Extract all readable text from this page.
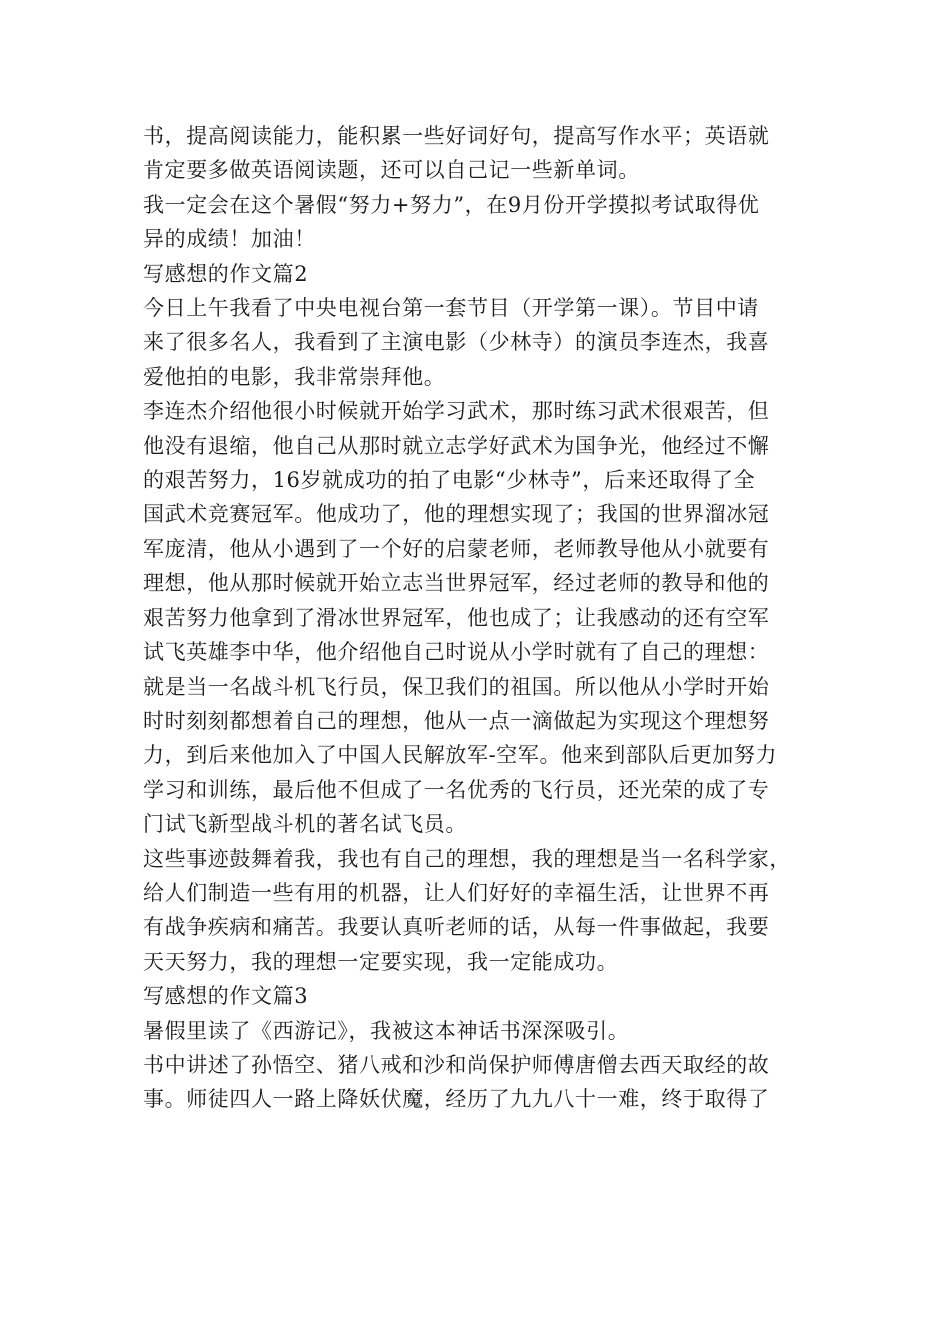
书，提高阅读能力，能积累一些好词好句，提高写作水平；英语就
肯定要多做英语阅读题，还可以自己记一些新单词。
我一定会在这个暑假“努力+努力”，在9月份开学摸拟考试取得优
异的成绩！加油！
写感想的作文篇2
今日上午我看了中央电视台第一套节目（开学第一课）。节目中请
来了很多名人，我看到了主演电影（少林寺）的演员李连杰，我喜
爱他拍的电影，我非常崇拜他。
李连杰介绍他很小时候就开始学习武术，那时练习武术很艰苦，但
他没有退缩，他自己从那时就立志学好武术为国争光，他经过不懈
的艰苦努力，16岁就成功的拍了电影“少林寺”，后来还取得了全
国武术竞赛冠军。他成功了，他的理想实现了；我国的世界溜冰冠
军庞清，他从小遇到了一个好的启蒙老师，老师教导他从小就要有
理想，他从那时候就开始立志当世界冠军，经过老师的教导和他的
艰苦努力他拿到了滑冰世界冠军，他也成了；让我感动的还有空军
试飞英雄李中华，他介绍他自己时说从小学时就有了自己的理想：
就是当一名战斗机飞行员，保卫我们的祖国。所以他从小学时开始
时时刻刻都想着自己的理想，他从一点一滴做起为实现这个理想努
力，到后来他加入了中国人民解放军-空军。他来到部队后更加努力
学习和训练，最后他不但成了一名优秀的飞行员，还光荣的成了专
门试飞新型战斗机的著名试飞员。
这些事迹鼓舞着我，我也有自己的理想，我的理想是当一名科学家，
给人们制造一些有用的机器，让人们好好的幸福生活，让世界不再
有战争疾病和痛苦。我要认真听老师的话，从每一件事做起，我要
天天努力，我的理想一定要实现，我一定能成功。
写感想的作文篇3
暑假里读了《西游记》，我被这本神话书深深吸引。
书中讲述了孙悟空、猪八戒和沙和尚保护师傅唐僧去西天取经的故
事。师徒四人一路上降妖伏魔，经历了九九八十一难，终于取得了
